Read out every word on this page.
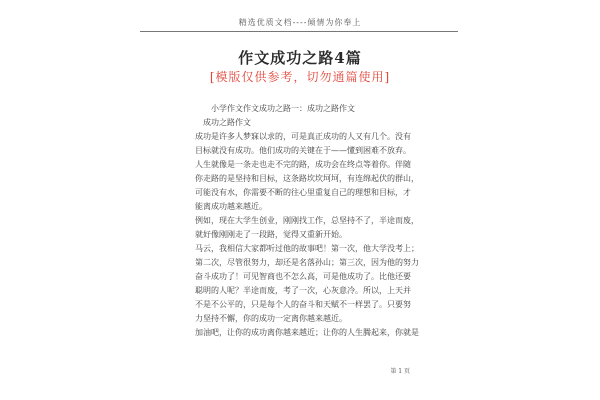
精选优质文档----倾情为你奉上
作文成功之路4篇
[模版仅供参考，切勿通篇使用]
小学作文作文成功之路一：成功之路作文
成功之路作文
成功是许多人梦寐以求的，可是真正成功的人又有几个。没有
目标就没有成功。他们成功的关键在于——懂到困难不放弃。
人生就像是一条走也走不完的路，成功会在终点等着你。伴随
你走路的是坚持和目标，这条路坎坎坷坷，有连绵起伏的群山，
可能没有水，你需要不断的往心里重复自己的理想和目标，才
能离成功越来越近。
例如，现在大学生创业，刚刚找工作，总坚持不了，半途而废，
就好像刚刚走了一段路，觉得又重新开始。
马云，我相信大家都听过他的故事吧！第一次，他大学没考上；
第二次，尽管很努力，却还是名落孙山；第三次，因为他的努力
奋斗成功了！可见智商也不怎么高，可是他成功了。比他还要
聪明的人呢？半途而废，考了一次，心灰意冷。所以，上天并
不是不公平的，只是每个人的奋斗和天赋不一样罢了。只要努
力坚持不懈，你的成功一定离你越来越近。
加油吧，让你的成功离你越来越近；让你的人生腾起来，你就是
第 1 页
